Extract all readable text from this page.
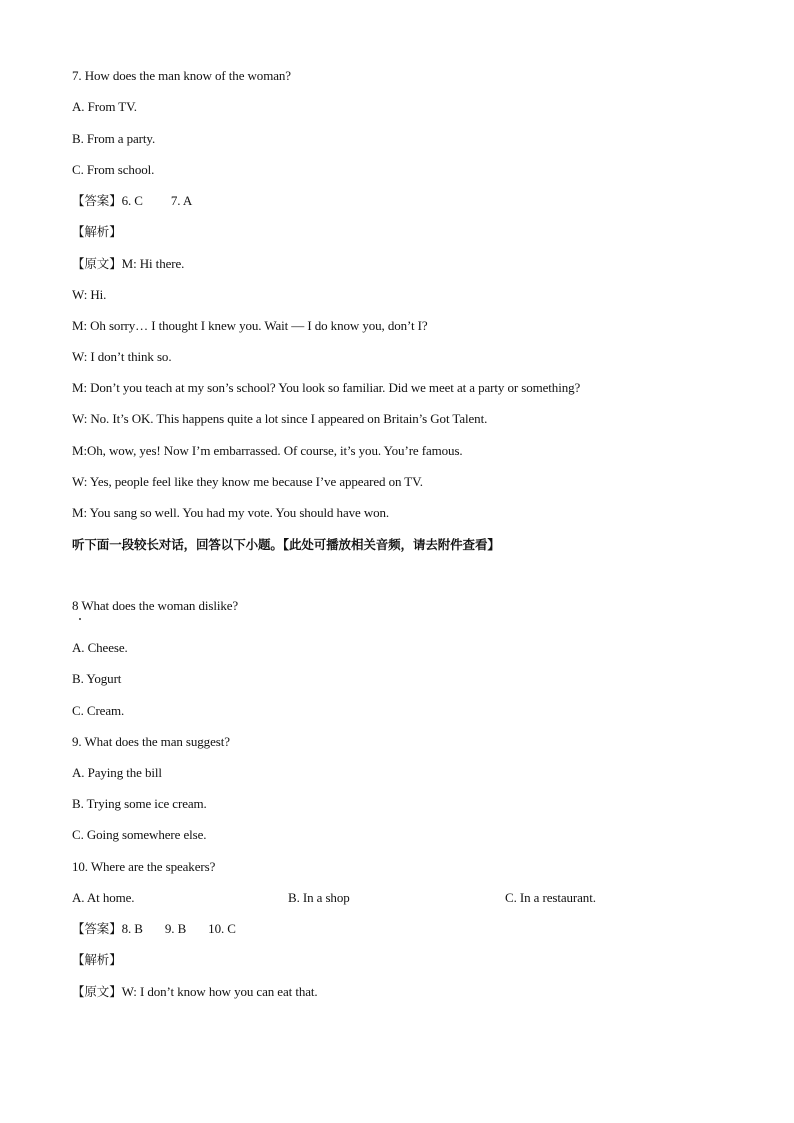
7. How does the man know of the woman?
A. From TV.
B. From a party.
C. From school.
【答案】6. C 7. A
【解析】
【原文】M: Hi there.
W: Hi.
M: Oh sorry… I thought I knew you. Wait — I do know you, don’t I?
W: I don’t think so.
M: Don’t you teach at my son’s school? You look so familiar. Did we meet at a party or something?
W: No. It’s OK. This happens quite a lot since I appeared on Britain’s Got Talent.
M:Oh, wow, yes! Now I’m embarrassed. Of course, it’s you. You’re famous.
W: Yes, people feel like they know me because I’ve appeared on TV.
M: You sang so well. You had my vote. You should have won.
听下面一段较长对话，回答以下小题。【此处可播放相关音频，请去附件查看】
8 What does the woman dislike?
A. Cheese.
B. Yogurt
C. Cream.
9. What does the man suggest?
A. Paying the bill
B. Trying some ice cream.
C. Going somewhere else.
10. Where are the speakers?
A. At home.	B. In a shop	C. In a restaurant.
【答案】8. B 9. B 10. C
【解析】
【原文】W: I don’t know how you can eat that.
